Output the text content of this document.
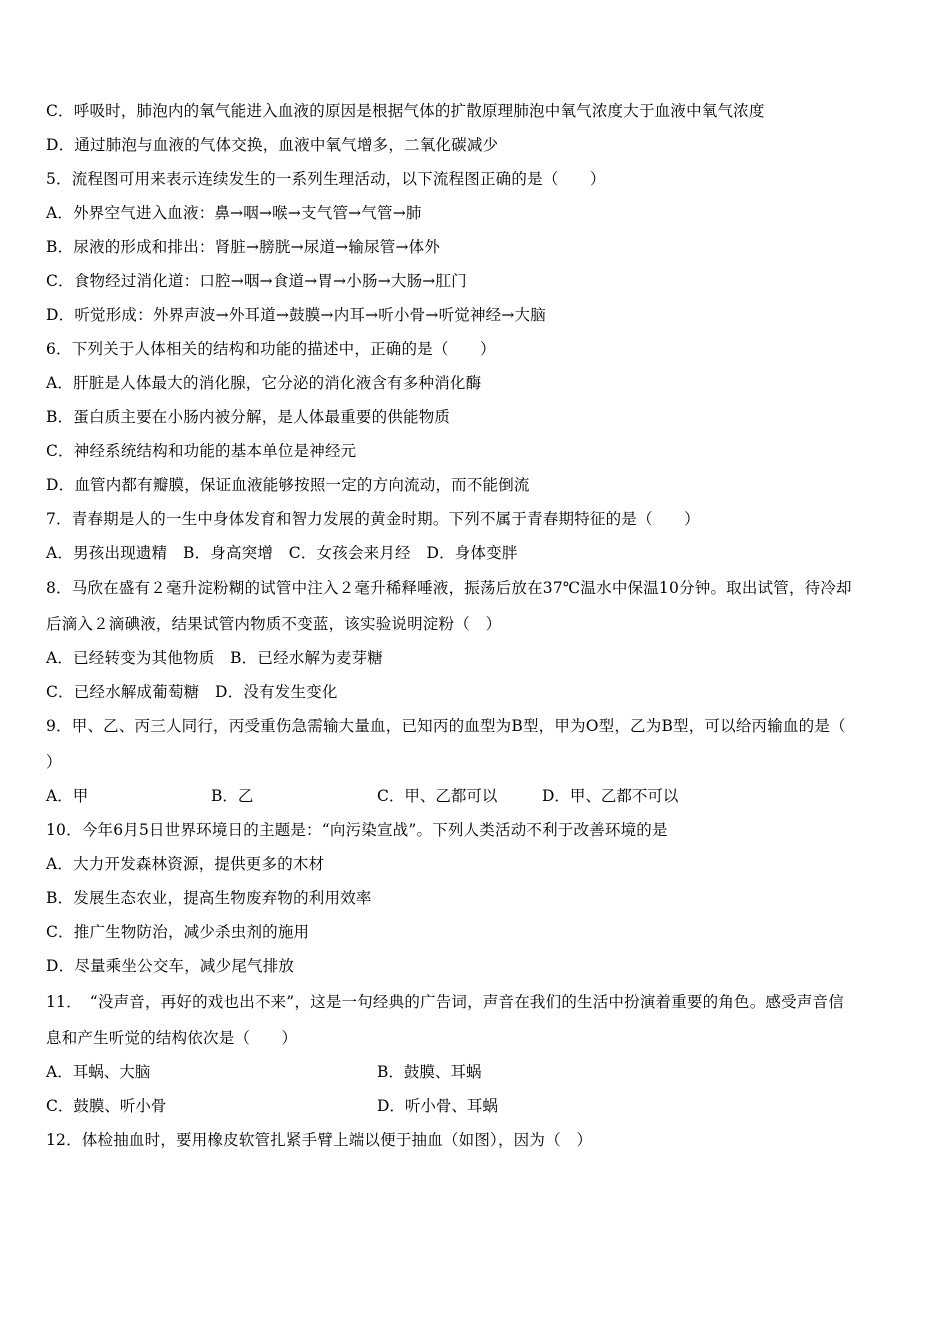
C．呼吸时，肺泡内的氧气能进入血液的原因是根据气体的扩散原理肺泡中氧气浓度大于血液中氧气浓度
D．通过肺泡与血液的气体交换，血液中氧气增多，二氧化碳减少
5．流程图可用来表示连续发生的一系列生理活动，以下流程图正确的是（　　）
A．外界空气进入血液：鼻→咽→喉→支气管→气管→肺
B．尿液的形成和排出：肾脏→膀胱→尿道→输尿管→体外
C．食物经过消化道：口腔→咽→食道→胃→小肠→大肠→肛门
D．听觉形成：外界声波→外耳道→鼓膜→内耳→听小骨→听觉神经→大脑
6．下列关于人体相关的结构和功能的描述中，正确的是（　　）
A．肝脏是人体最大的消化腺，它分泌的消化液含有多种消化酶
B．蛋白质主要在小肠内被分解，是人体最重要的供能物质
C．神经系统结构和功能的基本单位是神经元
D．血管内都有瓣膜，保证血液能够按照一定的方向流动，而不能倒流
7．青春期是人的一生中身体发育和智力发展的黄金时期。下列不属于青春期特征的是（　　）
A．男孩出现遗精　B．身高突增　C．女孩会来月经　D．身体变胖
8．马欣在盛有２毫升淀粉糊的试管中注入２毫升稀释唾液，振荡后放在37℃温水中保温10分钟。取出试管，待冷却
后滴入２滴碘液，结果试管内物质不变蓝，该实验说明淀粉（　）
A．已经转变为其他物质　B．已经水解为麦芽糖
C．已经水解成葡萄糖　D．没有发生变化
9．甲、乙、丙三人同行，丙受重伤急需输大量血，已知丙的血型为B型，甲为O型，乙为B型，可以给丙输血的是（
）
A．甲	B．乙	C．甲、乙都可以	D．甲、乙都不可以
10．今年6月5日世界环境日的主题是：“向污染宣战”。下列人类活动不利于改善环境的是
A．大力开发森林资源，提供更多的木材
B．发展生态农业，提高生物废弃物的利用效率
C．推广生物防治，减少杀虫剂的施用
D．尽量乘坐公交车，减少尾气排放
11．　“没声音，再好的戏也出不来”，这是一句经典的广告词，声音在我们的生活中扮演着重要的角色。感受声音信
息和产生听觉的结构依次是（　　）
A．耳蜗、大脑	B．鼓膜、耳蜗
C．鼓膜、听小骨	D．听小骨、耳蜗
12．体检抽血时，要用橡皮软管扎紧手臂上端以便于抽血（如图），因为（　）
